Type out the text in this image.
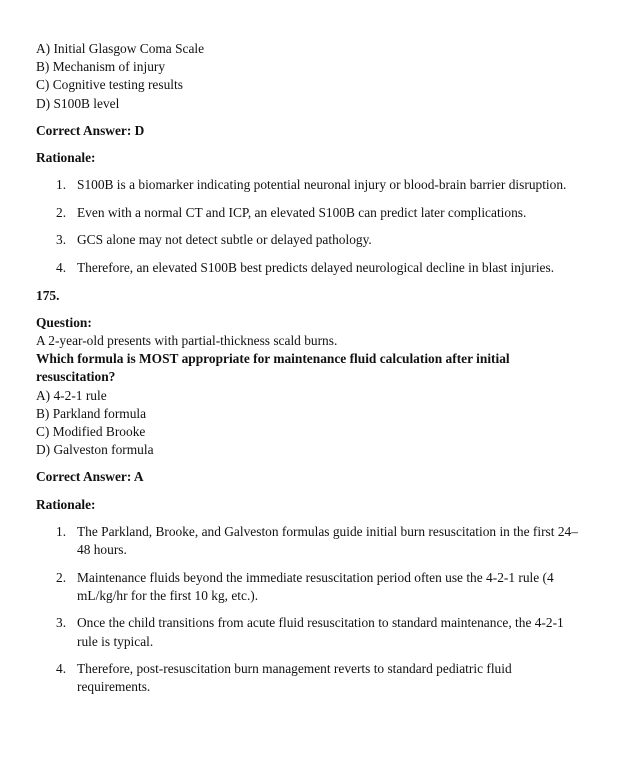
A) Initial Glasgow Coma Scale

B) Mechanism of injury

C) Cognitive testing results

D) S100B level

Correct Answer: D

Rationale:

1. S100B is a biomarker indicating potential neuronal injury or blood-brain barrier disruption.
2. Even with a normal CT and ICP, an elevated S100B can predict later complications.
3. GCS alone may not detect subtle or delayed pathology.
4. Therefore, an elevated S100B best predicts delayed neurological decline in blast injuries.

175.

Question:

A 2-year-old presents with partial-thickness scald burns.

Which formula is MOST appropriate for maintenance fluid calculation after initial resuscitation?

A) 4-2-1 rule

B) Parkland formula

C) Modified Brooke

D) Galveston formula

Correct Answer: A

Rationale:

1. The Parkland, Brooke, and Galveston formulas guide initial burn resuscitation in the first 24–48 hours.
2. Maintenance fluids beyond the immediate resuscitation period often use the 4-2-1 rule (4 mL/kg/hr for the first 10 kg, etc.).
3. Once the child transitions from acute fluid resuscitation to standard maintenance, the 4-2-1 rule is typical.
4. Therefore, post-resuscitation burn management reverts to standard pediatric fluid requirements.
